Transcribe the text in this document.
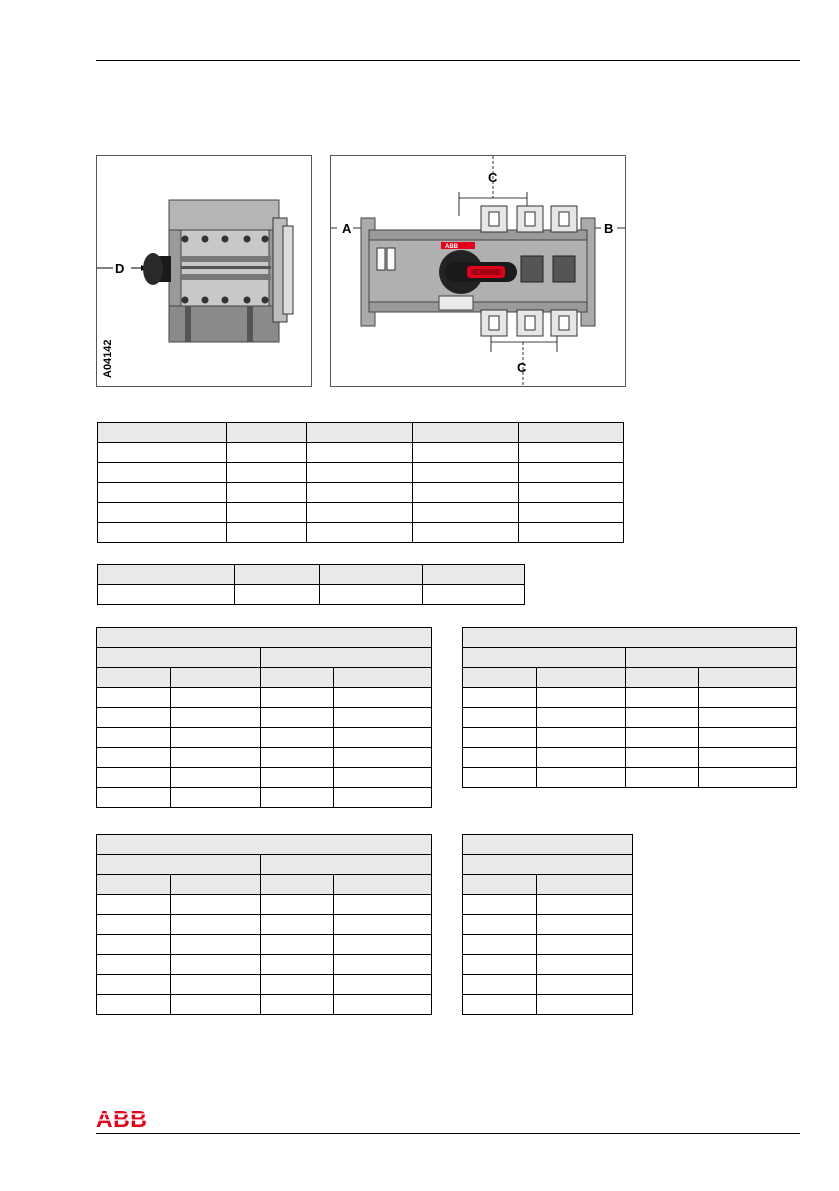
D
A04142
C
C
A	B
ABB

ABB
